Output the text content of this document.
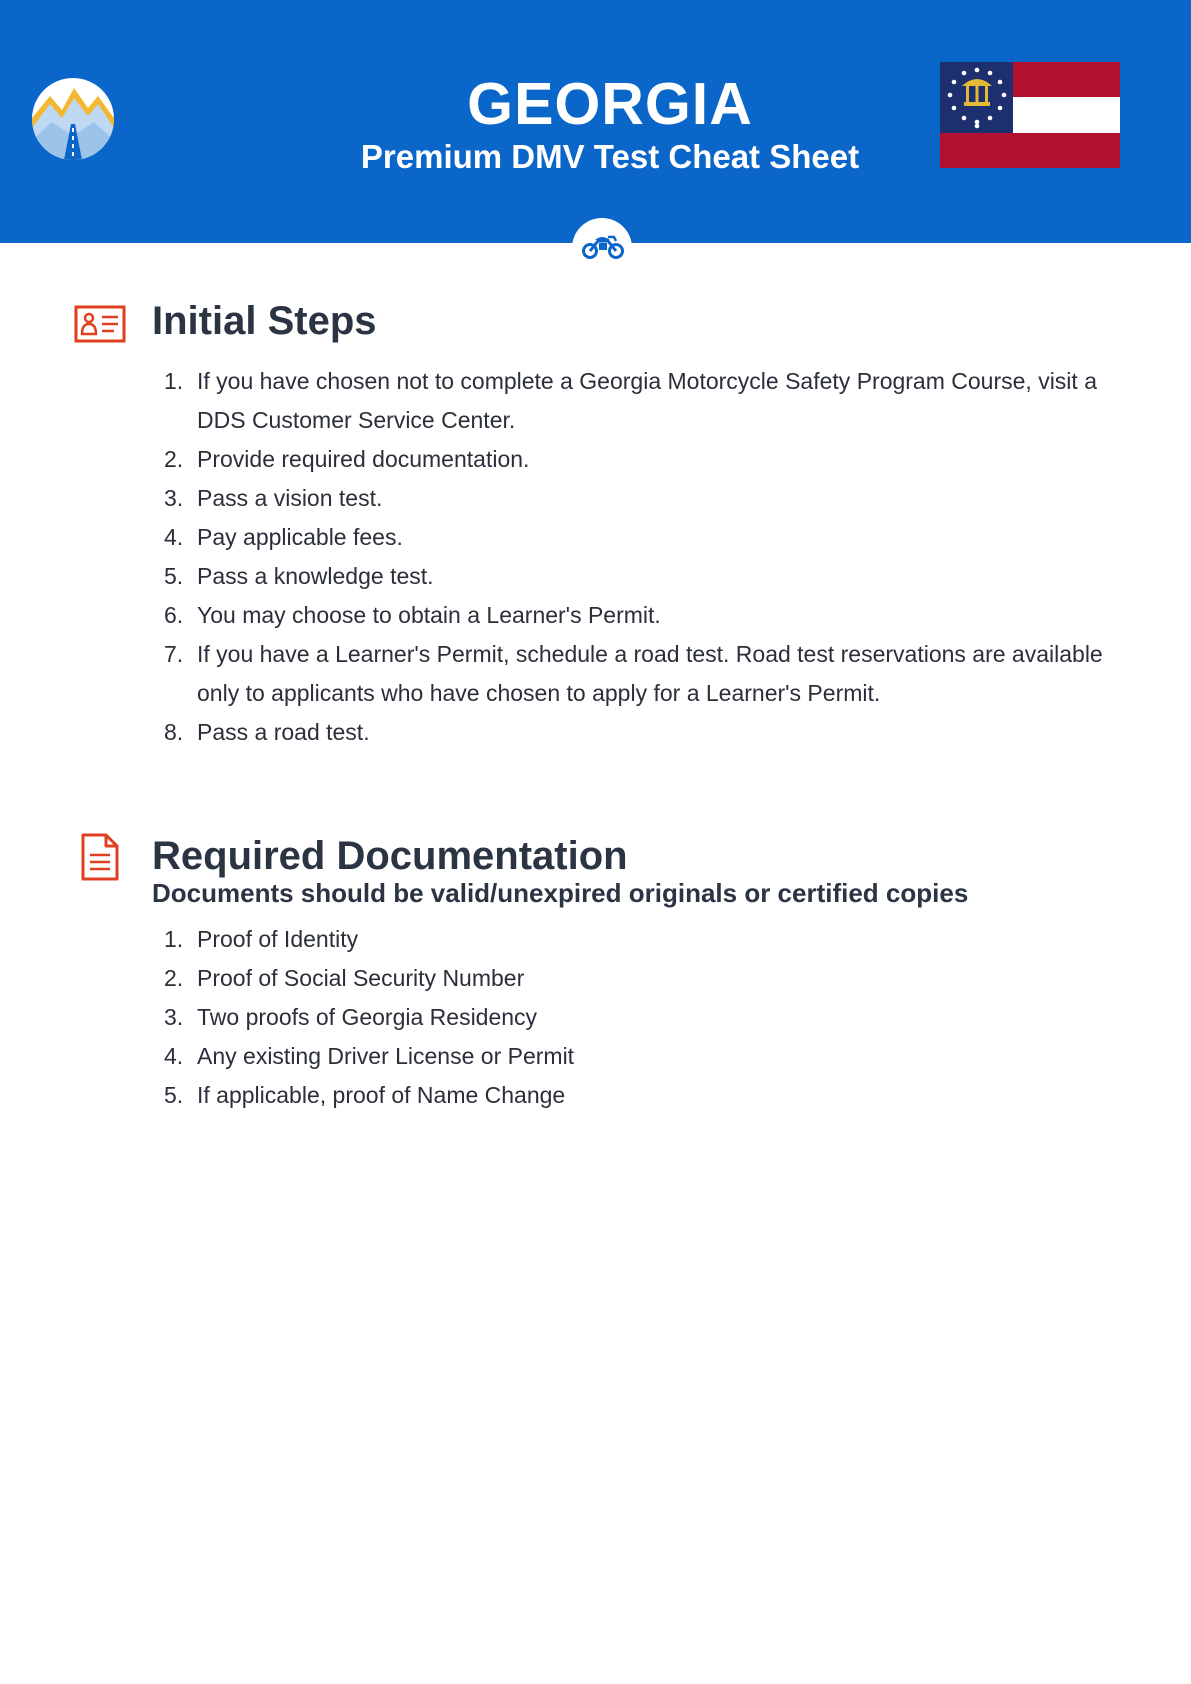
GEORGIA
Premium DMV Test Cheat Sheet
Initial Steps
1. If you have chosen not to complete a Georgia Motorcycle Safety Program Course, visit a DDS Customer Service Center.
2. Provide required documentation.
3. Pass a vision test.
4. Pay applicable fees.
5. Pass a knowledge test.
6. You may choose to obtain a Learner's Permit.
7. If you have a Learner's Permit, schedule a road test. Road test reservations are available only to applicants who have chosen to apply for a Learner's Permit.
8. Pass a road test.
Required Documentation

Documents should be valid/unexpired originals or certified copies

1. Proof of Identity
2. Proof of Social Security Number
3. Two proofs of Georgia Residency
4. Any existing Driver License or Permit
5. If applicable, proof of Name Change
